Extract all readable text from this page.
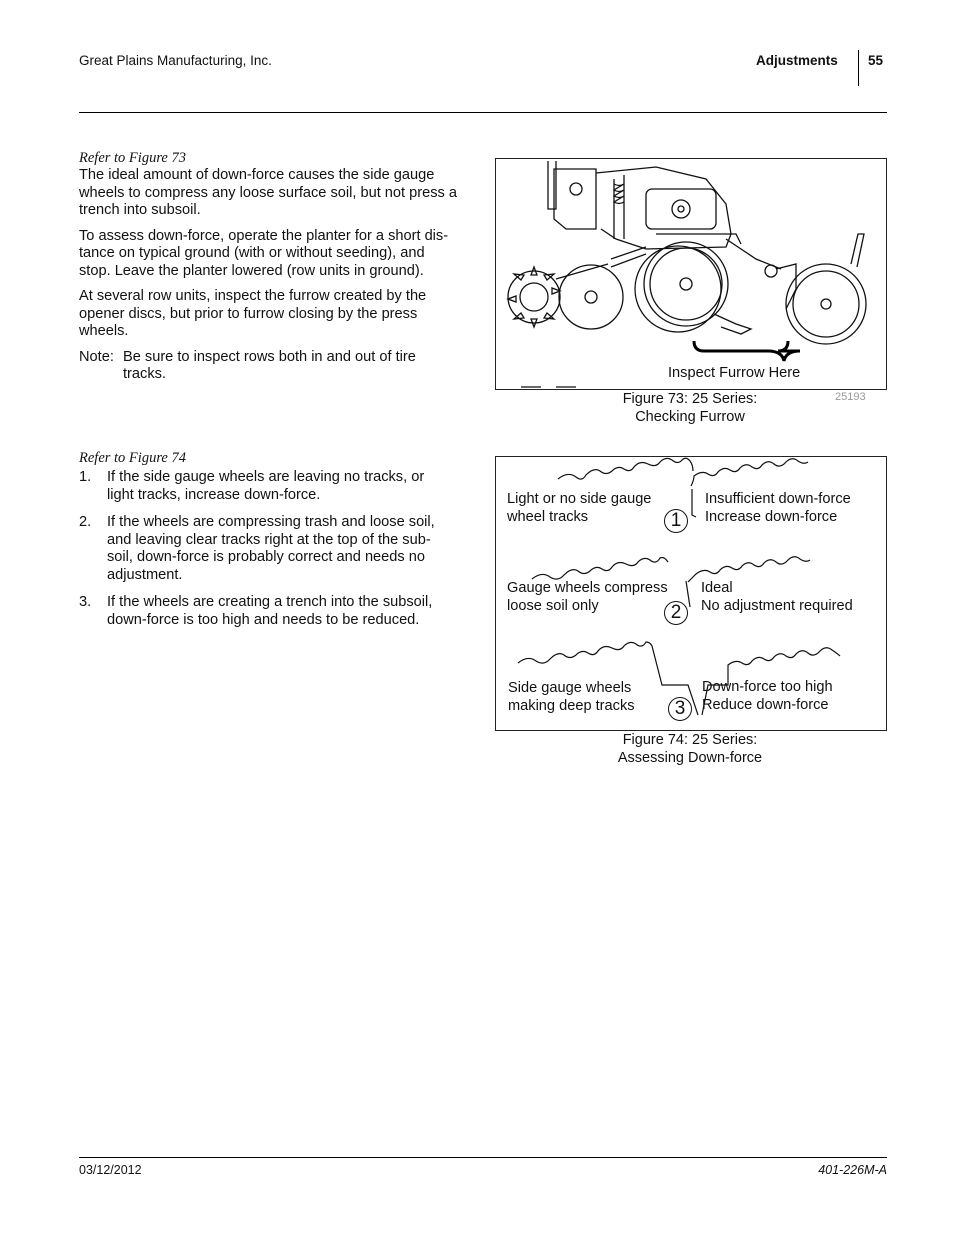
Great Plains Manufacturing, Inc.	Adjustments 55
Refer to Figure 73

The ideal amount of down-force causes the side gauge wheels to compress any loose surface soil, but not press a trench into subsoil.

To assess down-force, operate the planter for a short dis-
tance on typical ground (with or without seeding), and
stop. Leave the planter lowered (row units in ground).

At several row units, inspect the furrow created by the opener discs, but prior to furrow closing by the press wheels.

Note: Be sure to inspect rows both in and out of tire tracks.	Inspect Furrow Here
25193
Figure 73: 25 Series:
Checking Furrow
Refer to Figure 74
1. If the side gauge wheels are leaving no tracks, or
light tracks, increase down-force.
2. If the wheels are compressing trash and loose soil,
and leaving clear tracks right at the top of the sub-
soil, down-force is probably correct and needs no
adjustment.
3. If the wheels are creating a trench into the subsoil,
down-force is too high and needs to be reduced.
Light or no side gauge
wheel tracks	1
Insufficient down-force
Increase down-force
Gauge wheels compress
loose soil only	2
Ideal
No adjustment required
Side gauge wheels
making deep tracks	3
Down-force too high
Reduce down-force
Figure 74: 25 Series:
Assessing Down-force
03/12/2012	401-226M-A
